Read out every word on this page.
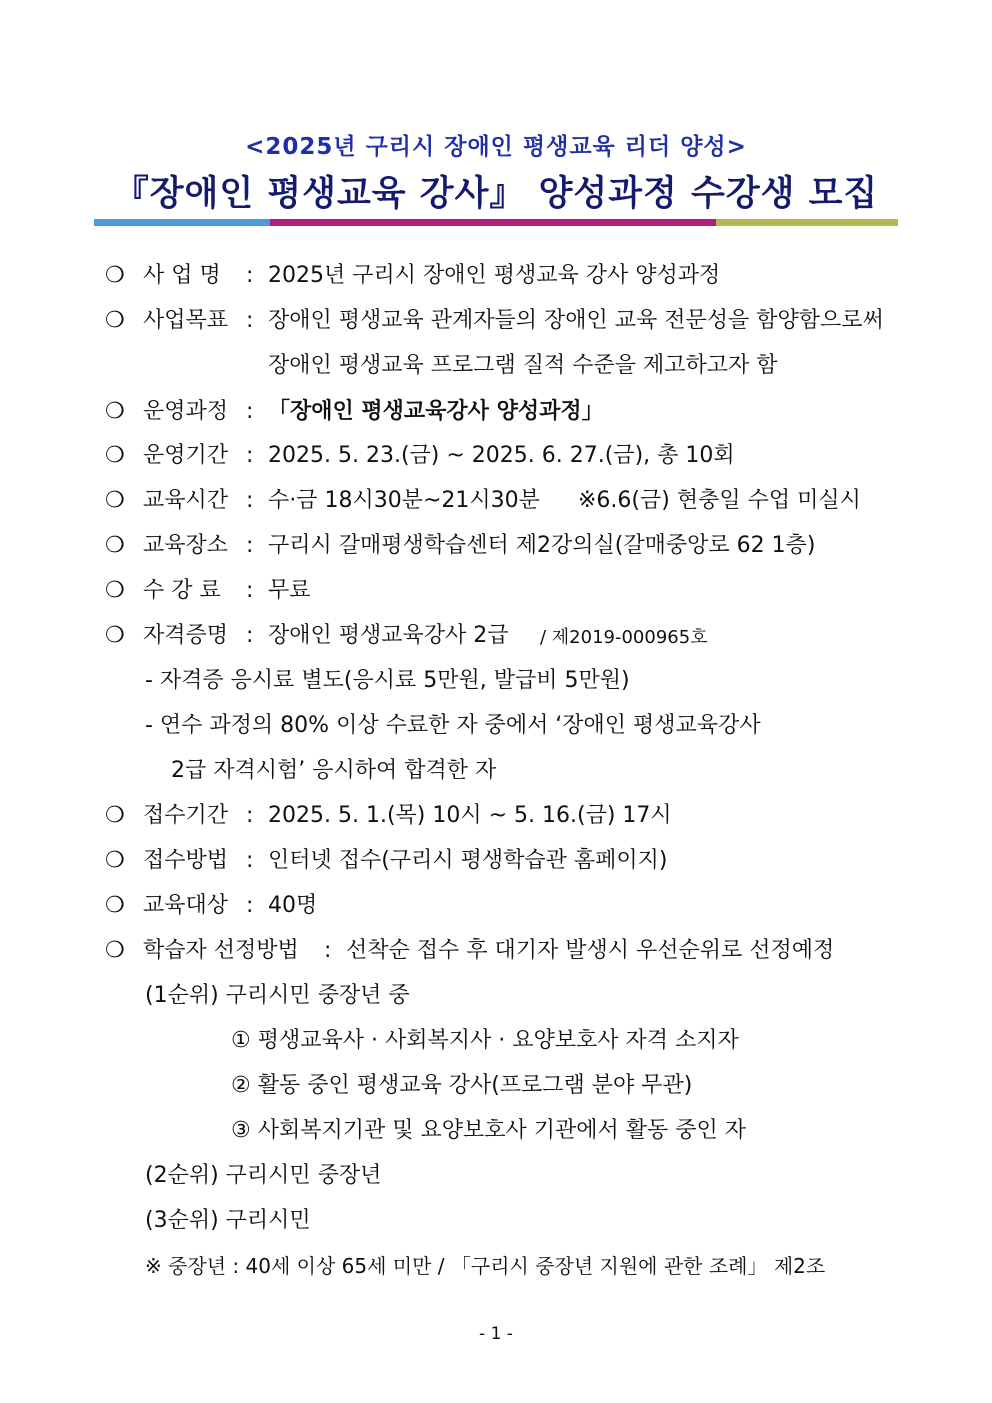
<2025년 구리시 장애인 평생교육 리더 양성>
『장애인 평생교육 강사』 양성과정 수강생 모집
❍ 사 업 명 : 2025년 구리시 장애인 평생교육 강사 양성과정
❍ 사업목표 : 장애인 평생교육 관계자들의 장애인 교육 전문성을 함양함으로써
장애인 평생교육 프로그램 질적 수준을 제고하고자 함
❍ 운영과정 : 「장애인 평생교육강사 양성과정」
❍ 운영기간 : 2025. 5. 23.(금) ~ 2025. 6. 27.(금), 총 10회
❍ 교육시간 : 수·금 18시30분~21시30분 ※6.6(금) 현충일 수업 미실시
❍ 교육장소 : 구리시 갈매평생학습센터 제2강의실(갈매중앙로 62 1층)
❍ 수 강 료 : 무료
❍ 자격증명 : 장애인 평생교육강사 2급 / 제2019-000965호
- 자격증 응시료 별도(응시료 5만원, 발급비 5만원)
- 연수 과정의 80% 이상 수료한 자 중에서 ‘장애인 평생교육강사
2급 자격시험’ 응시하여 합격한 자
❍ 접수기간 : 2025. 5. 1.(목) 10시 ~ 5. 16.(금) 17시
❍ 접수방법 : 인터넷 접수(구리시 평생학습관 홈페이지)
❍ 교육대상 : 40명
❍ 학습자 선정방법 : 선착순 접수 후 대기자 발생시 우선순위로 선정예정
(1순위) 구리시민 중장년 중
① 평생교육사 · 사회복지사 · 요양보호사 자격 소지자
② 활동 중인 평생교육 강사(프로그램 분야 무관)
③ 사회복지기관 및 요양보호사 기관에서 활동 중인 자
(2순위) 구리시민 중장년
(3순위) 구리시민
※ 중장년 : 40세 이상 65세 미만 / 「구리시 중장년 지원에 관한 조례」 제2조
- 1 -
